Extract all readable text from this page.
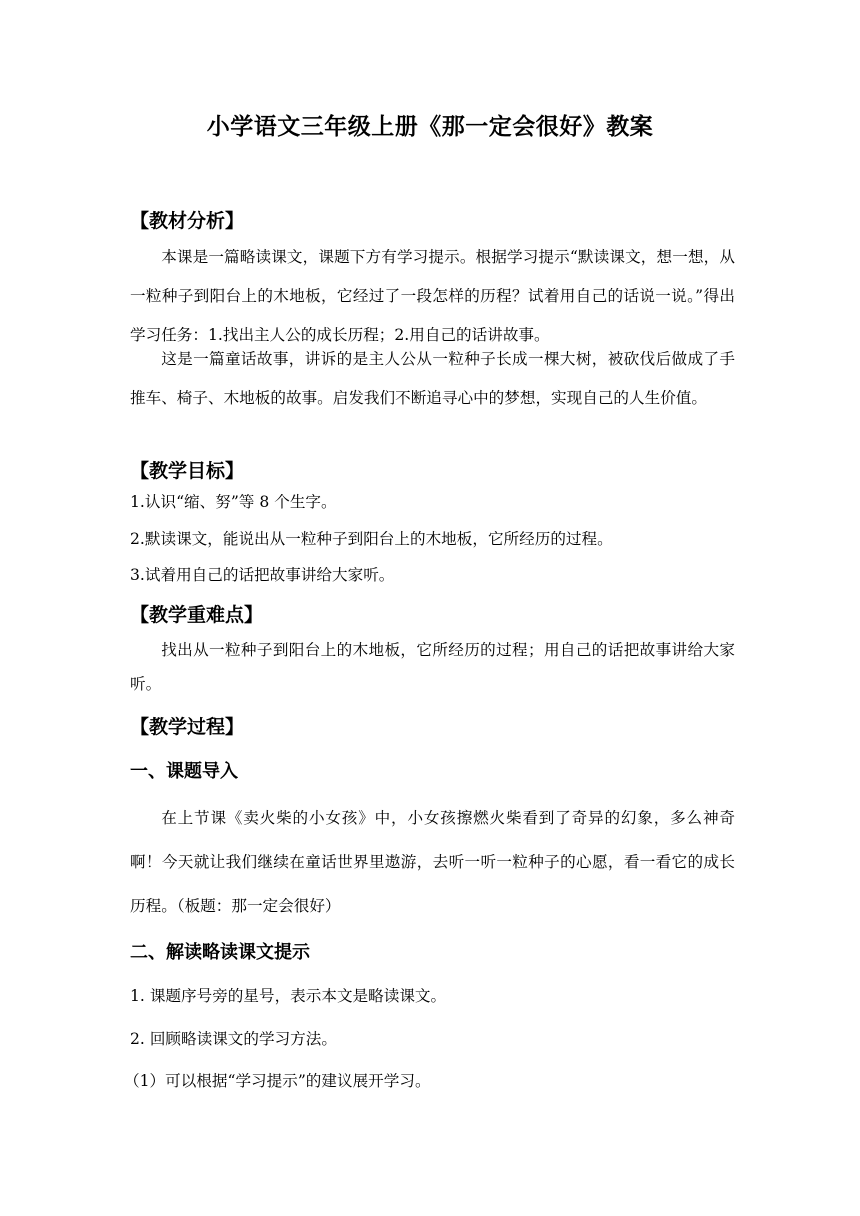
小学语文三年级上册《那一定会很好》教案
【教材分析】
本课是一篇略读课文，课题下方有学习提示。根据学习提示“默读课文，想一想，从一粒种子到阳台上的木地板，它经过了一段怎样的历程？试着用自己的话说一说。”得出学习任务：1.找出主人公的成长历程；2.用自己的话讲故事。
这是一篇童话故事，讲诉的是主人公从一粒种子长成一棵大树，被砍伐后做成了手推车、椅子、木地板的故事。启发我们不断追寻心中的梦想，实现自己的人生价值。
【教学目标】
1.认识“缩、努”等 8 个生字。
2.默读课文，能说出从一粒种子到阳台上的木地板，它所经历的过程。
3.试着用自己的话把故事讲给大家听。
【教学重难点】
找出从一粒种子到阳台上的木地板，它所经历的过程；用自己的话把故事讲给大家听。
【教学过程】
一、课题导入
在上节课《卖火柴的小女孩》中，小女孩擦燃火柴看到了奇异的幻象，多么神奇啊！今天就让我们继续在童话世界里遨游，去听一听一粒种子的心愿，看一看它的成长历程。（板题：那一定会很好）
二、解读略读课文提示
1. 课题序号旁的星号，表示本文是略读课文。
2. 回顾略读课文的学习方法。
（1）可以根据“学习提示”的建议展开学习。
